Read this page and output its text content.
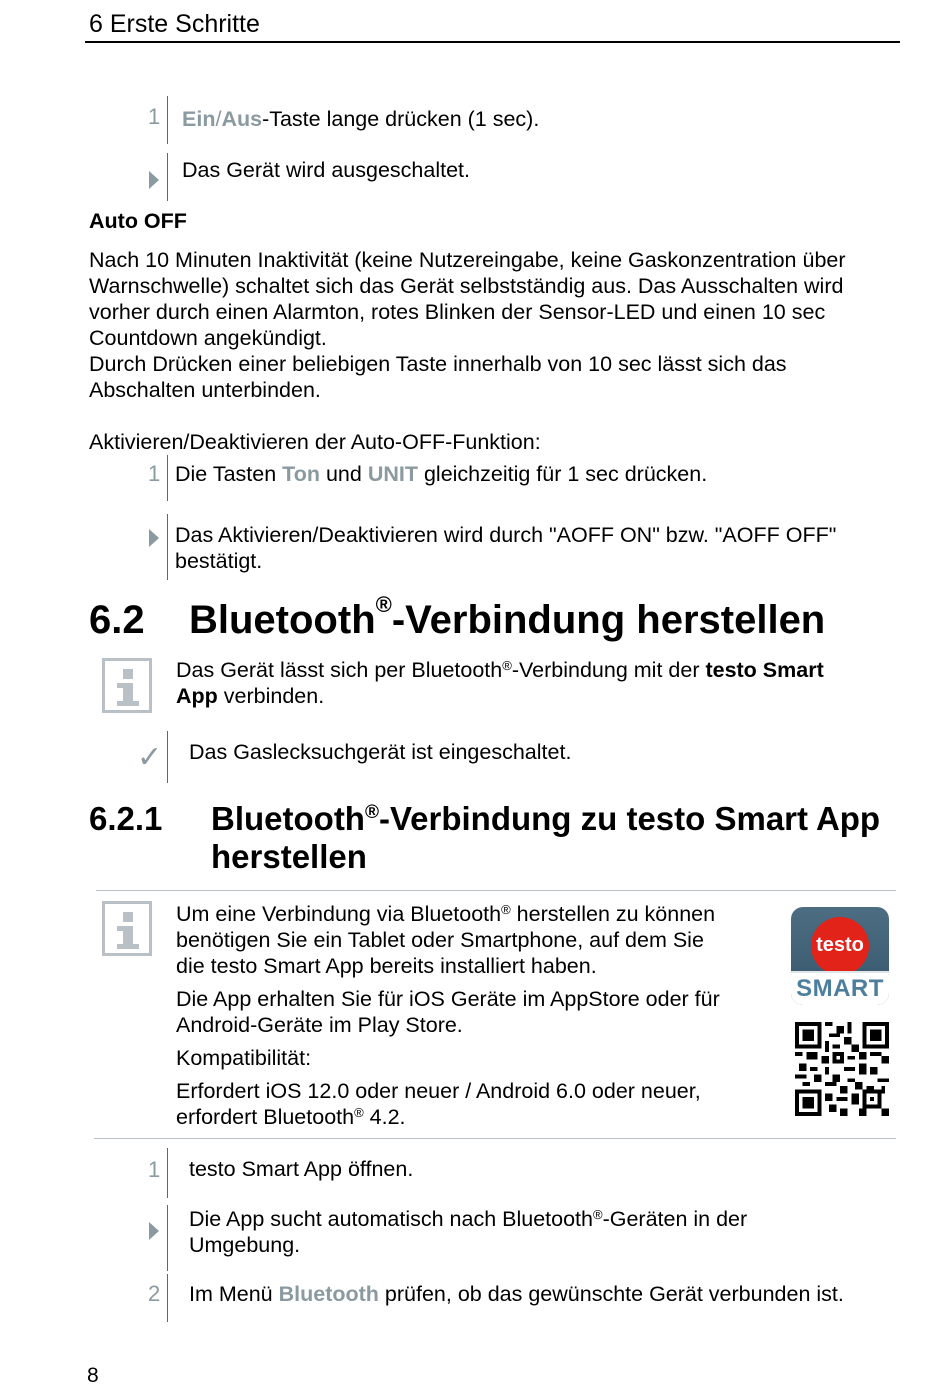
6 Erste Schritte
1 Ein/Aus-Taste lange drücken (1 sec).
Das Gerät wird ausgeschaltet.
Auto OFF
Nach 10 Minuten Inaktivität (keine Nutzereingabe, keine Gaskonzentration über
Warnschwelle) schaltet sich das Gerät selbstständig aus. Das Ausschalten wird
vorher durch einen Alarmton, rotes Blinken der Sensor-LED und einen 10 sec
Countdown angekündigt.
Durch Drücken einer beliebigen Taste innerhalb von 10 sec lässt sich das
Abschalten unterbinden.
Aktivieren/Deaktivieren der Auto-OFF-Funktion:
1 Die Tasten Ton und UNIT gleichzeitig für 1 sec drücken.
Das Aktivieren/Deaktivieren wird durch "AOFF ON" bzw. "AOFF OFF"
bestätigt.
6.2 Bluetooth®-Verbindung herstellen
Das Gerät lässt sich per Bluetooth®-Verbindung mit der testo Smart
App verbinden.
✓ Das Gaslecksuchgerät ist eingeschaltet.
6.2.1 Bluetooth®-Verbindung zu testo Smart App
herstellen
Um eine Verbindung via Bluetooth® herstellen zu können
benötigen Sie ein Tablet oder Smartphone, auf dem Sie
die testo Smart App bereits installiert haben.
Die App erhalten Sie für iOS Geräte im AppStore oder für
Android-Geräte im Play Store.
Kompatibilität:
Erfordert iOS 12.0 oder neuer / Android 6.0 oder neuer,
erfordert Bluetooth® 4.2.
testo
SMART
1 testo Smart App öffnen.
Die App sucht automatisch nach Bluetooth®-Geräten in der
Umgebung.
2 Im Menü Bluetooth prüfen, ob das gewünschte Gerät verbunden ist.
8
